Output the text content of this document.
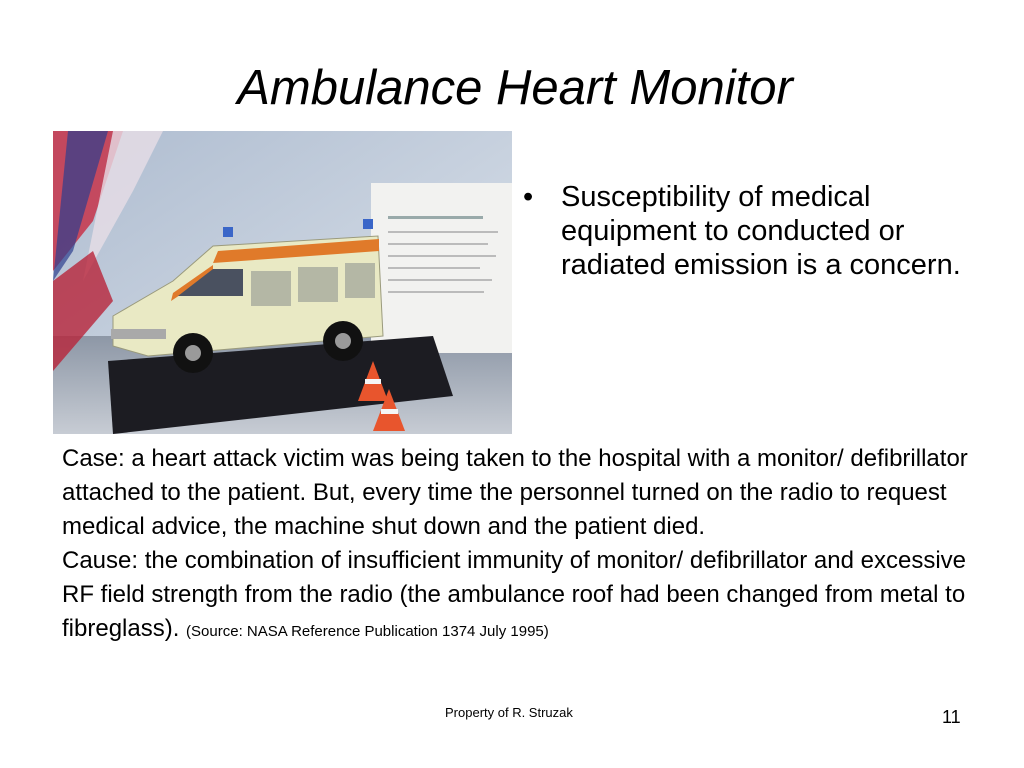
Ambulance Heart Monitor
• Susceptibility of medical equipment to conducted or radiated emission is a concern.

Case: a heart attack victim was being taken to the hospital with a monitor/ defibrillator attached to the patient. But, every time the personnel turned on the radio to request medical advice, the machine shut down and the patient died.

Cause: the combination of insufficient immunity of monitor/ defibrillator and excessive RF field strength from the radio (the ambulance roof had been changed from metal to fibreglass). (Source: NASA Reference Publication 1374 July 1995)

Property of R. Struzak	11
